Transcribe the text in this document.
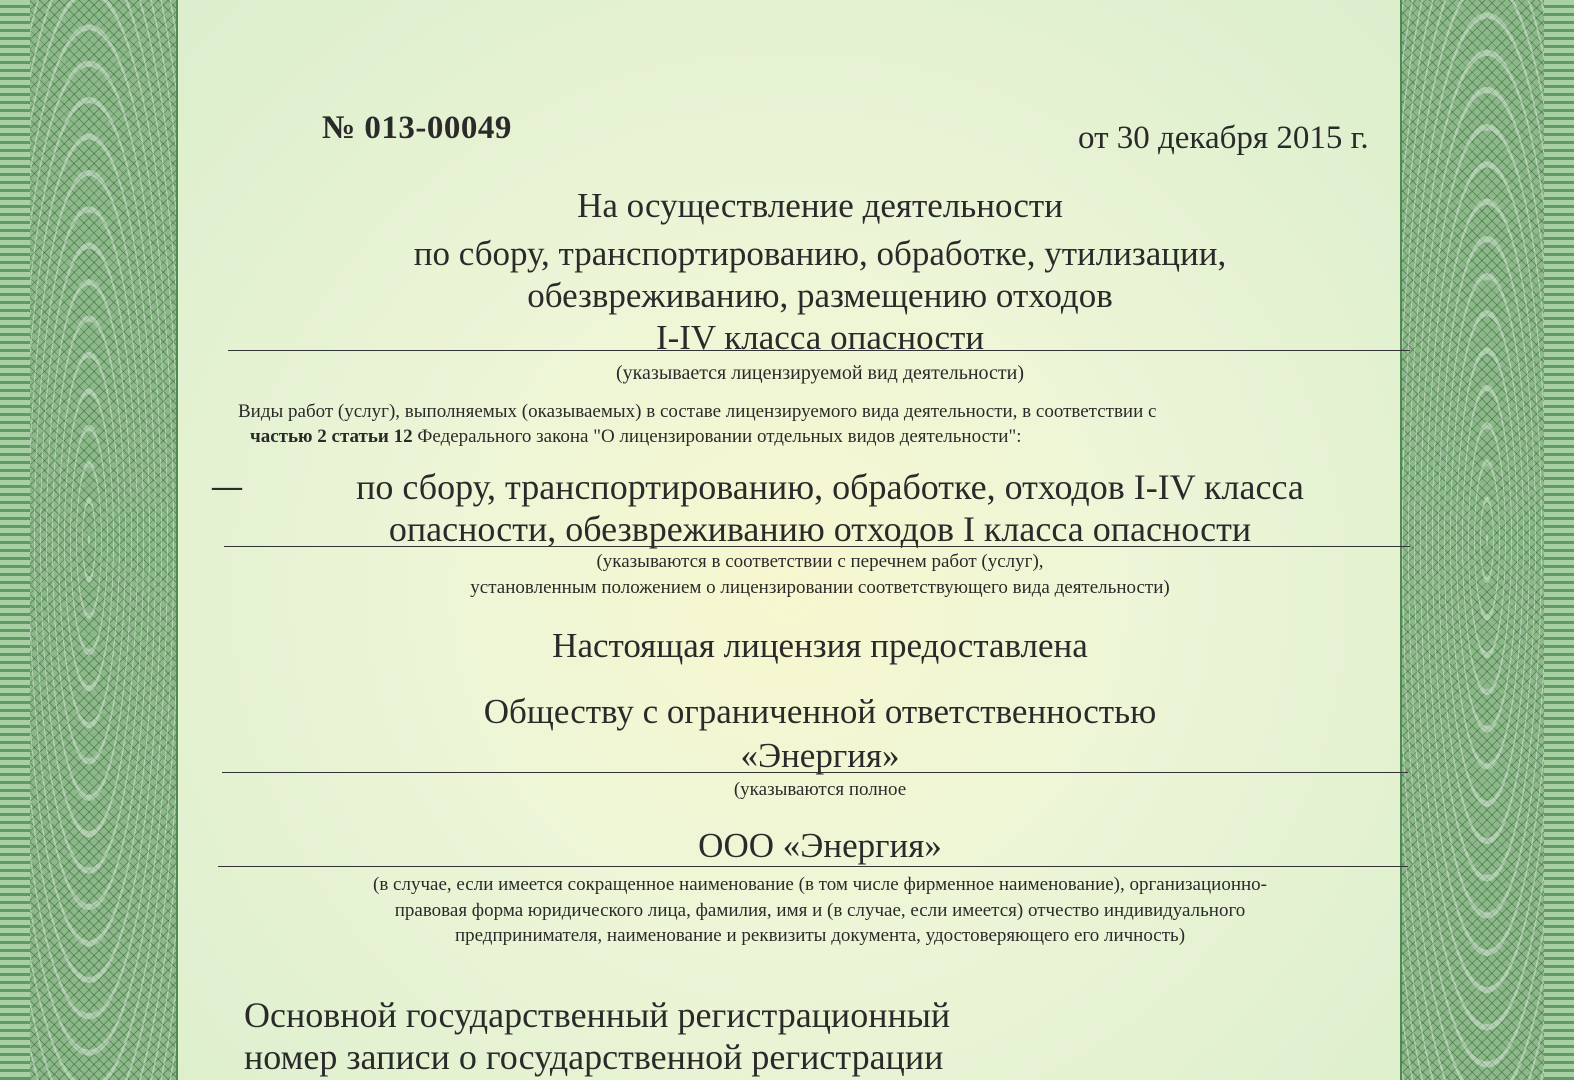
№ 013-00049	от 30 декабря 2015 г.

На осуществление деятельности

по сбору, транспортированию, обработке, утилизации,

обезвреживанию, размещению отходов

I-IV класса опасности

(указывается лицензируемой вид деятельности)

Виды работ (услуг), выполняемых (оказываемых) в составе лицензируемого вида деятельности, в соответствии с

частью 2 статьи 12 Федерального закона "О лицензировании отдельных видов деятельности":

—	по сбору, транспортированию, обработке, отходов I-IV класса

опасности, обезвреживанию отходов I класса опасности

(указываются в соответствии с перечнем работ (услуг),

установленным положением о лицензировании соответствующего вида деятельности)

Настоящая лицензия предоставлена

Обществу с ограниченной ответственностью

«Энергия»

(указываются полное

ООО «Энергия»

(в случае, если имеется сокращенное наименование (в том числе фирменное наименование), организационно-

правовая форма юридического лица, фамилия, имя и (в случае, если имеется) отчество индивидуального

предпринимателя, наименование и реквизиты документа, удостоверяющего его личность)

Основной государственный регистрационный

номер записи о государственной регистрации
